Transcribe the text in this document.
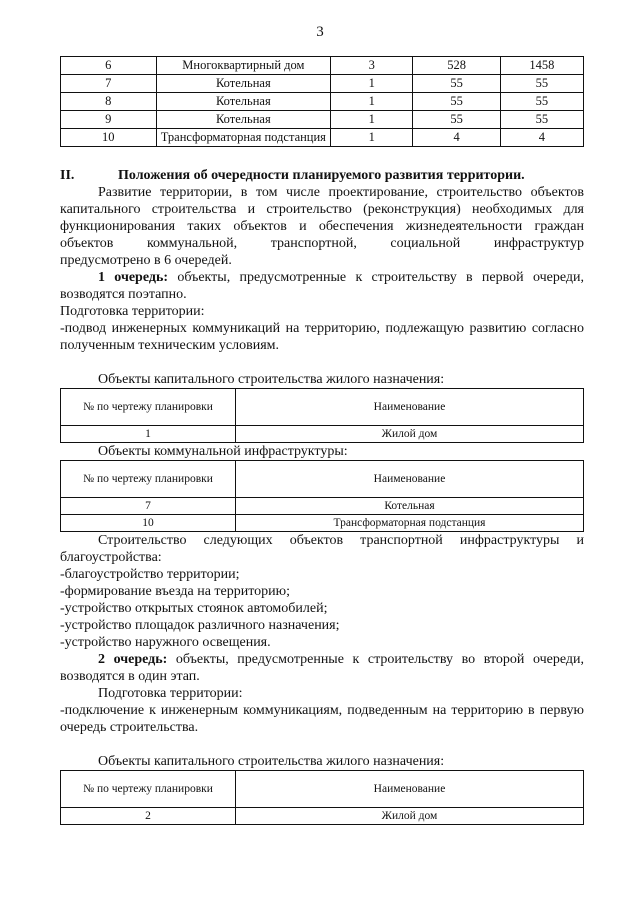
3
6	Многоквартирный дом	3	528	1458
7	Котельная	1	55	55
8	Котельная	1	55	55
9	Котельная	1	55	55
10	Трансформаторная подстанция	1	4	4
II.	Положения об очередности планируемого развития территории.

Развитие территории, в том числе проектирование, строительство объектов

капитального строительства и строительство (реконструкция) необходимых для

функционирования таких объектов и обеспечения жизнедеятельности граждан

объектов коммунальной, транспортной, социальной инфраструктур

предусмотрено в 6 очередей.

1 очередь: объекты, предусмотренные к строительству в первой очереди, возводятся поэтапно.

Подготовка территории:

-подвод инженерных коммуникаций на территорию, подлежащую развитию согласно полученным техническим условиям.

Объекты капитального строительства жилого назначения:
№ по чертежу планировки	Наименование
1	Жилой дом
Объекты коммунальной инфраструктуры:
№ по чертежу планировки	Наименование
7	Котельная
10	Трансформаторная подстанция

Строительство следующих объектов транспортной инфраструктуры и благоустройства:

-благоустройство территории;

-формирование въезда на территорию;

-устройство открытых стоянок автомобилей;

-устройство площадок различного назначения;

-устройство наружного освещения.

2 очередь: объекты, предусмотренные к строительству во второй очереди, возводятся в один этап.

Подготовка территории:

-подключение к инженерным коммуникациям, подведенным на территорию в первую очередь строительства.

Объекты капитального строительства жилого назначения:
№ по чертежу планировки	Наименование
2	Жилой дом
